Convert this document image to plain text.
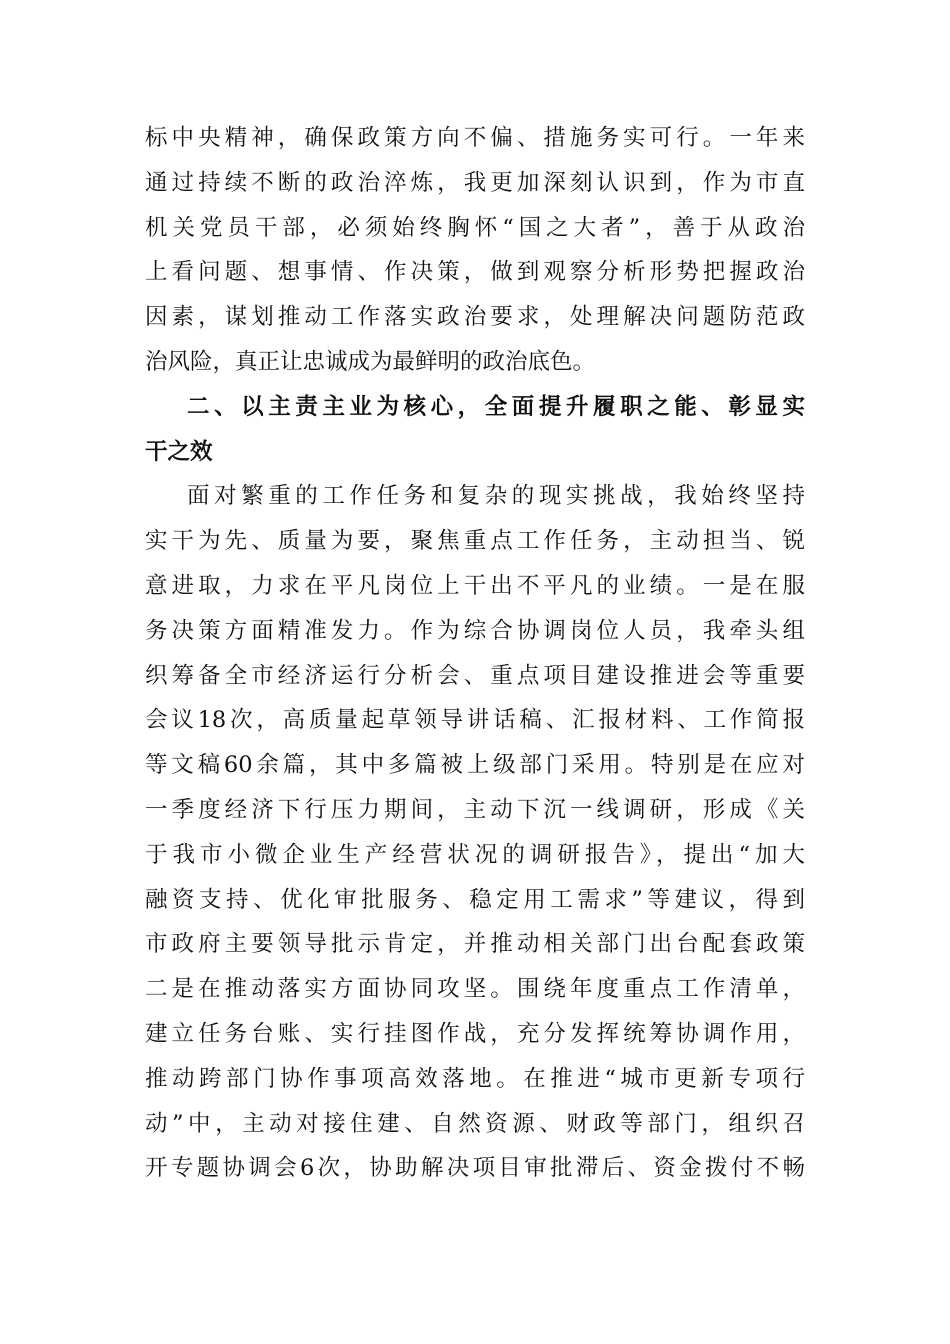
标中央精神，确保政策方向不偏、措施务实可行。一年来
通过持续不断的政治淬炼，我更加深刻认识到，作为市直
机关党员干部，必须始终胸怀“国之大者”，善于从政治
上看问题、想事情、作决策，做到观察分析形势把握政治
因素，谋划推动工作落实政治要求，处理解决问题防范政
治风险，真正让忠诚成为最鲜明的政治底色。
二、以主责主业为核心，全面提升履职之能、彰显实
干之效
面对繁重的工作任务和复杂的现实挑战，我始终坚持
实干为先、质量为要，聚焦重点工作任务，主动担当、锐
意进取，力求在平凡岗位上干出不平凡的业绩。一是在服
务决策方面精准发力。作为综合协调岗位人员，我牵头组
织筹备全市经济运行分析会、重点项目建设推进会等重要
会议18次，高质量起草领导讲话稿、汇报材料、工作简报
等文稿60余篇，其中多篇被上级部门采用。特别是在应对
一季度经济下行压力期间，主动下沉一线调研，形成《关
于我市小微企业生产经营状况的调研报告》，提出“加大
融资支持、优化审批服务、稳定用工需求”等建议，得到
市政府主要领导批示肯定，并推动相关部门出台配套政策
二是在推动落实方面协同攻坚。围绕年度重点工作清单，
建立任务台账、实行挂图作战，充分发挥统筹协调作用，
推动跨部门协作事项高效落地。在推进“城市更新专项行
动”中，主动对接住建、自然资源、财政等部门，组织召
开专题协调会6次，协助解决项目审批滞后、资金拨付不畅
